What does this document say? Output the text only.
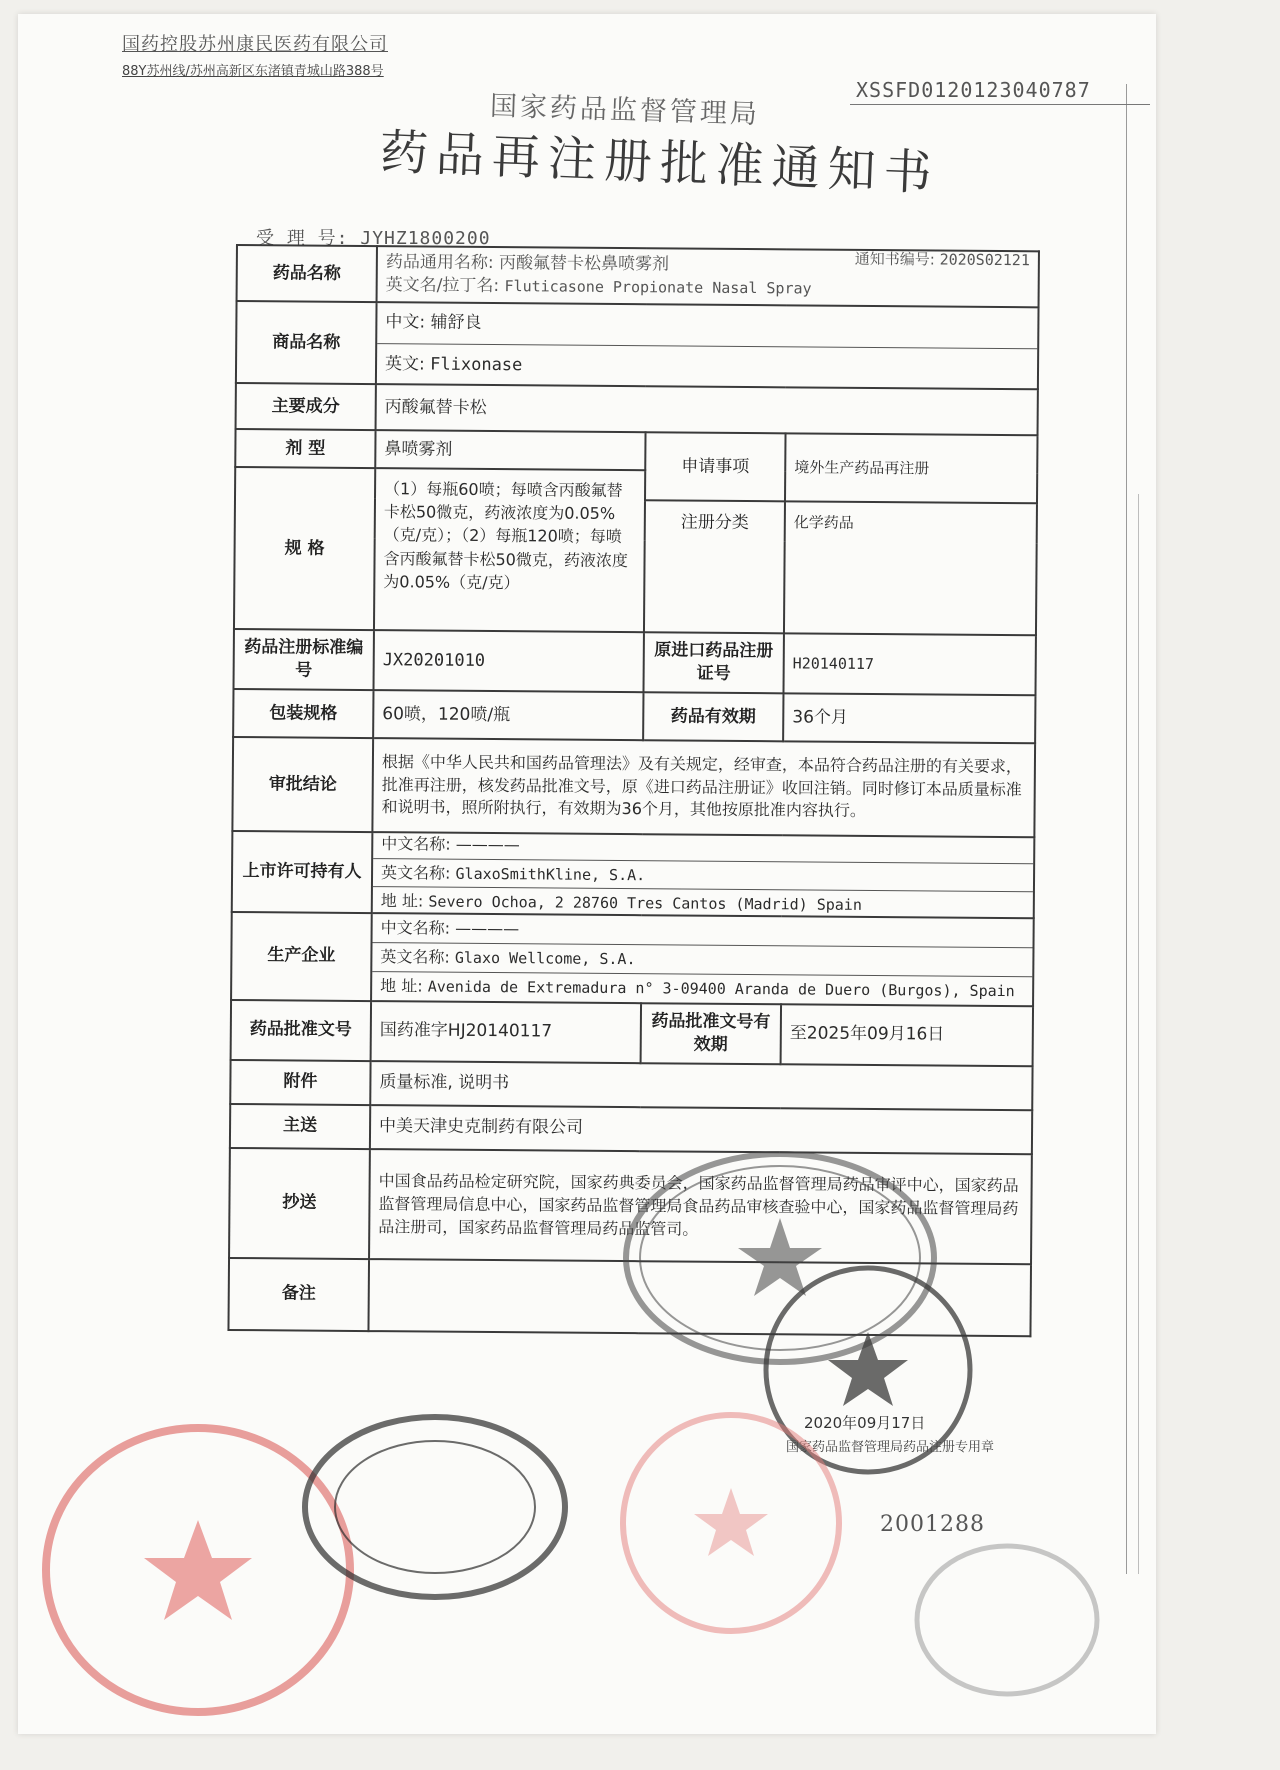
国药控股苏州康民医药有限公司
88Y苏州线/苏州高新区东渚镇青城山路388号
XSSFD0120123040787
国家药品监督管理局
药品再注册批准通知书
受 理 号: JYHZ1800200
药品名称	药品通用名称: 丙酸氟替卡松鼻喷雾剂 通知书编号: 2020S02121
英文名/拉丁名: Fluticasone Propionate Nasal Spray		

商品名称	中文: 辅舒良
英文: Flixonase		

主要成分	丙酸氟替卡松		
剂 型	鼻喷雾剂	申请事项	境外生产药品再注册
规 格	（1）每瓶60喷；每喷含丙酸氟替卡松50微克，药液浓度为0.05%（克/克）；（2）每瓶120喷；每喷含丙酸氟替卡松50微克，药液浓度为0.05%（克/克）		
		注册分类	化学药品

药品注册标准编号	JX20201010	原进口药品注册证号	H20140117
包装规格	60喷，120喷/瓶	药品有效期	36个月
审批结论	根据《中华人民共和国药品管理法》及有关规定，经审查，本品符合药品注册的有关要求，批准再注册，核发药品批准文号，原《进口药品注册证》收回注销。同时修订本品质量标准和说明书，照所附执行，有效期为36个月，其他按原批准内容执行。		
上市许可持有人	中文名称: ————
英文名称: GlaxoSmithKline, S.A.
地 址: Severo Ochoa, 2 28760 Tres Cantos (Madrid) Spain		

生产企业	中文名称: ————
英文名称: Glaxo Wellcome, S.A.
地 址: Avenida de Extremadura n° 3-09400 Aranda de Duero (Burgos), Spain		

药品批准文号	国药准字HJ20140117	药品批准文号有效期	至2025年09月16日
附件	质量标准, 说明书		
主送	中美天津史克制药有限公司		
抄送	中国食品药品检定研究院，国家药典委员会，国家药品监督管理局药品审评中心，国家药品监督管理局信息中心，国家药品监督管理局食品药品审核查验中心，国家药品监督管理局药品注册司，国家药品监督管理局药品监管司。		
备注			
2020年09月17日
国家药品监督管理局药品注册专用章
2001288
